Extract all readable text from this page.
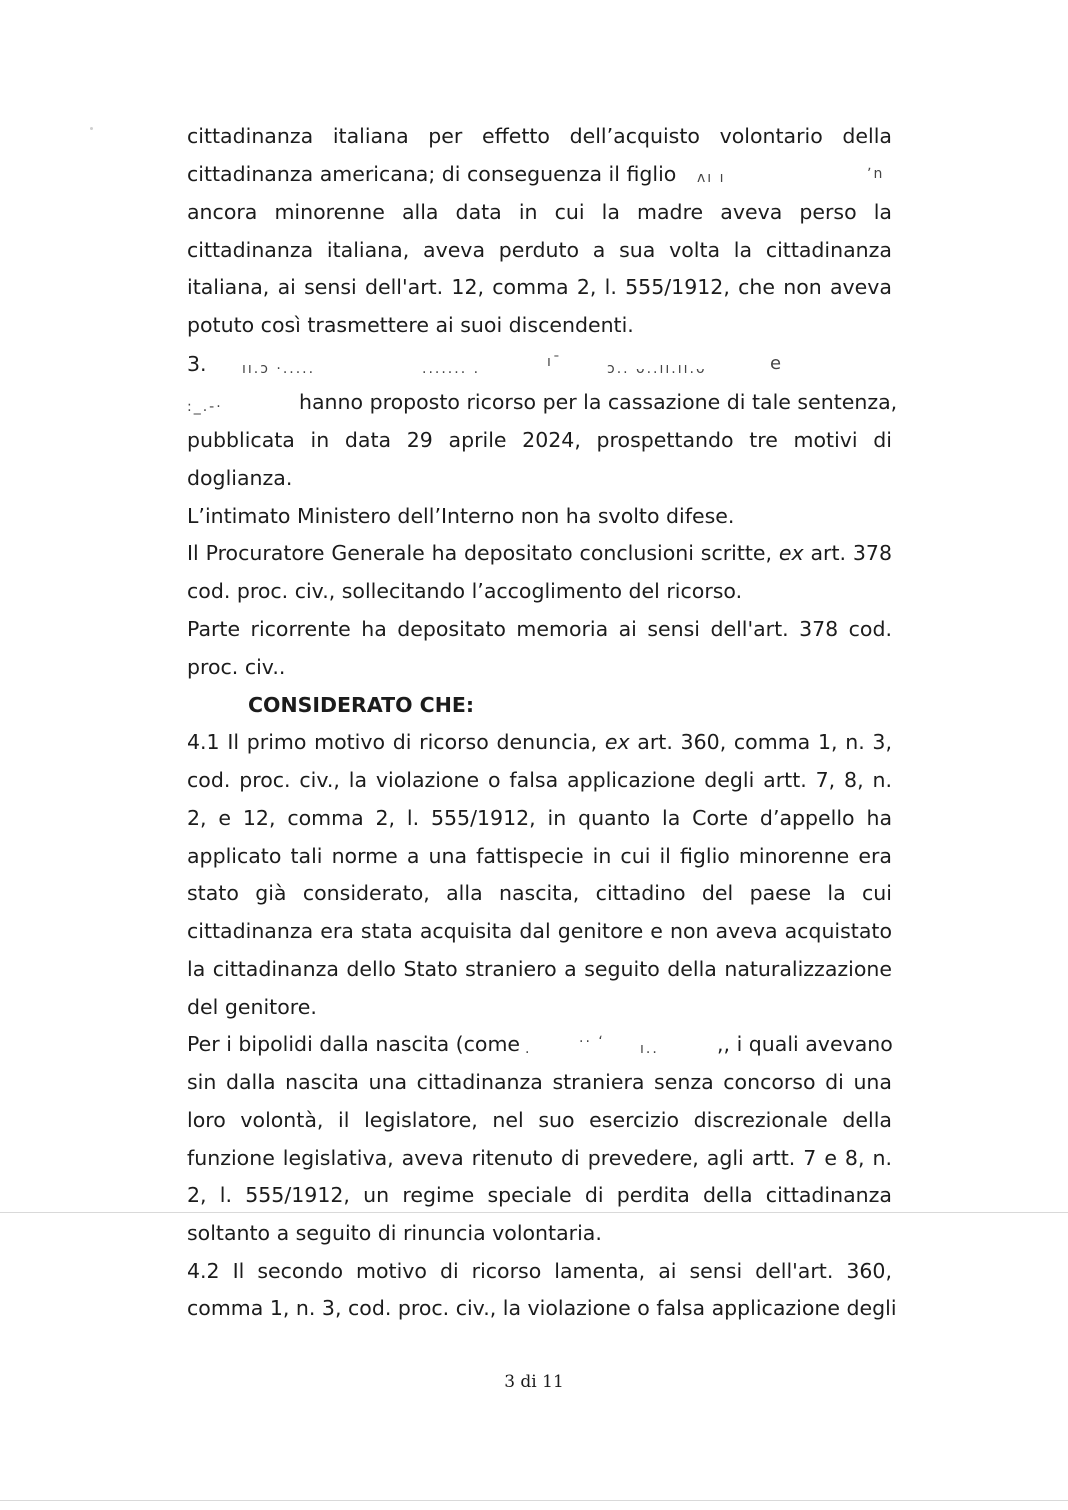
cittadinanza italiana per effetto dell’acquisto volontario della
cittadinanza americana; di conseguenza il figlio ʌı ı	ʼn
ancora minorenne alla data in cui la madre aveva perso la
cittadinanza italiana, aveva perduto a sua volta la cittadinanza
italiana, ai sensi dell'art. 12, comma 2, l. 555/1912, che non aveva
potuto così trasmettere ai suoi discendenti.
3.	ıı.ɔ ·.....	....... .	ıˉ	ɔ.. ᴗ..ıı.ıı.ᴗ	e
:_.-·	hanno proposto ricorso per la cassazione di tale sentenza,
pubblicata in data 29 aprile 2024, prospettando tre motivi di
doglianza.
L’intimato Ministero dell’Interno non ha svolto difese.
Il Procuratore Generale ha depositato conclusioni scritte, ex art. 378
cod. proc. civ., sollecitando l’accoglimento del ricorso.
Parte ricorrente ha depositato memoria ai sensi dell'art. 378 cod.
proc. civ..
CONSIDERATO CHE:
4.1 Il primo motivo di ricorso denuncia, ex art. 360, comma 1, n. 3,
cod. proc. civ., la violazione o falsa applicazione degli artt. 7, 8, n.
2, e 12, comma 2, l. 555/1912, in quanto la Corte d’appello ha
applicato tali norme a una fattispecie in cui il figlio minorenne era
stato già considerato, alla nascita, cittadino del paese la cui
cittadinanza era stata acquisita dal genitore e non aveva acquistato
la cittadinanza dello Stato straniero a seguito della naturalizzazione
del genitore.
Per i bipolidi dalla nascita (come .	·· ʻ	ı..	,, i quali avevano
sin dalla nascita una cittadinanza straniera senza concorso di una
loro volontà, il legislatore, nel suo esercizio discrezionale della
funzione legislativa, aveva ritenuto di prevedere, agli artt. 7 e 8, n.
2, l. 555/1912, un regime speciale di perdita della cittadinanza
soltanto a seguito di rinuncia volontaria.
4.2 Il secondo motivo di ricorso lamenta, ai sensi dell'art. 360,
comma 1, n. 3, cod. proc. civ., la violazione o falsa applicazione degli
3 di 11
